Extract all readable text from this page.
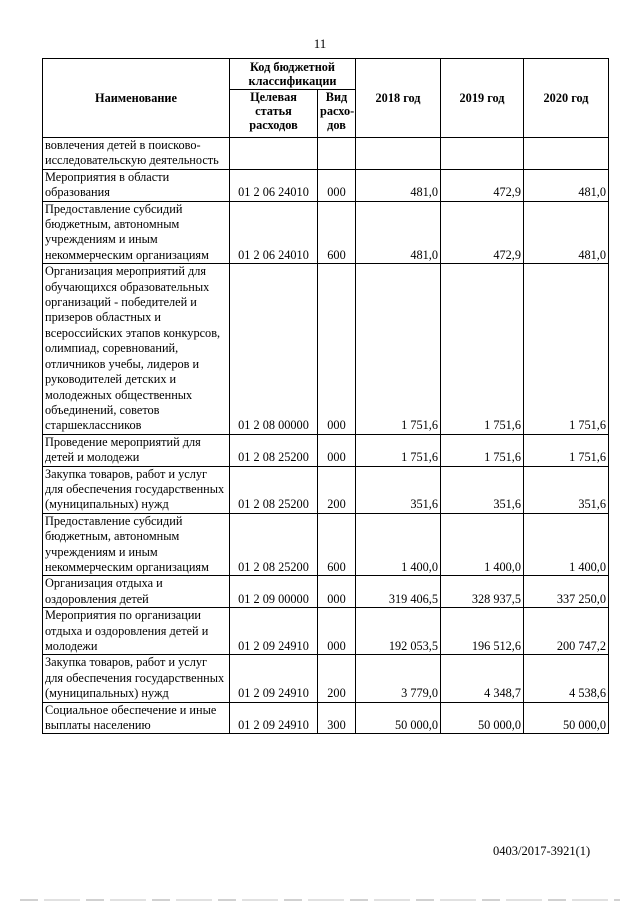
11
Наименование	Код бюджетной классификации		2018 год	2019 год	2020 год
	Целевая статья расходов	Вид
расхо-
дов			
вовлечения детей в поисково-исследовательскую деятельность					
Мероприятия в области образования	01 2 06 24010	000	481,0	472,9	481,0
Предоставление субсидий бюджетным, автономным учреждениям и иным некоммерческим организациям	01 2 06 24010	600	481,0	472,9	481,0
Организация мероприятий для обучающихся образовательных организаций - победителей и призеров областных и всероссийских этапов конкурсов, олимпиад, соревнований, отличников учебы, лидеров и руководителей детских и молодежных общественных объединений, советов старшеклассников	01 2 08 00000	000	1 751,6	1 751,6	1 751,6
Проведение мероприятий для детей и молодежи	01 2 08 25200	000	1 751,6	1 751,6	1 751,6
Закупка товаров, работ и услуг для обеспечения государственных (муниципальных) нужд	01 2 08 25200	200	351,6	351,6	351,6
Предоставление субсидий бюджетным, автономным учреждениям и иным некоммерческим организациям	01 2 08 25200	600	1 400,0	1 400,0	1 400,0
Организация отдыха и оздоровления детей	01 2 09 00000	000	319 406,5	328 937,5	337 250,0
Мероприятия по организации отдыха и оздоровления детей и молодежи	01 2 09 24910	000	192 053,5	196 512,6	200 747,2
Закупка товаров, работ и услуг для обеспечения государственных (муниципальных) нужд	01 2 09 24910	200	3 779,0	4 348,7	4 538,6
Социальное обеспечение и иные выплаты населению	01 2 09 24910	300	50 000,0	50 000,0	50 000,0
0403/2017-3921(1)
